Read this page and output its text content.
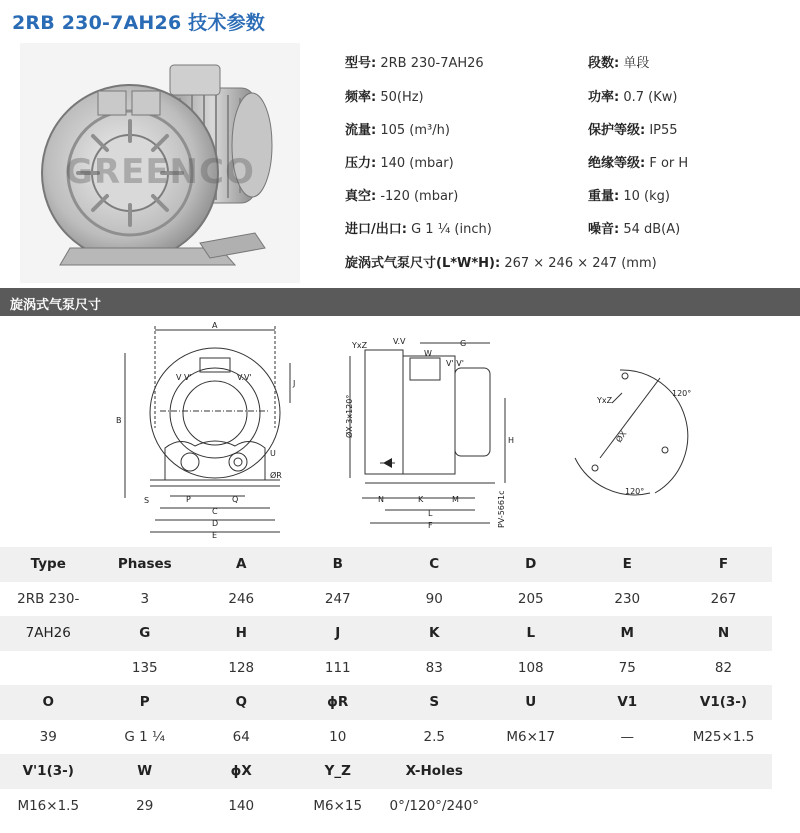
2RB 230-7AH26 技术参数
GREENCO
型号: 2RB 230-7AH26	段数: 单段
频率: 50(Hz)	功率: 0.7 (Kw)
流量: 105 (m³/h)	保护等级: IP55
压力: 140 (mbar)	绝缘等级: F or H
真空: -120 (mbar)	重量: 10 (kg)
进口/出口: G 1 ¼ (inch)	噪音: 54 dB(A)
旋涡式气泵尺寸(L*W*H): 267 × 246 × 247 (mm)
旋涡式气泵尺寸
A
B
J
V V'	V.V'
U
ØR
S	P	Q
C
D
E
YxZ	V.V
W
G
V'.V'
H
N	K	M
L
F
ØX-3x120°
PV-5661c
YxZ
120°
ØX
120°
Type	Phases	A	B	C	D	E	F
2RB 230-	3	246	247	90	205	230	267
7AH26	G	H	J	K	L	M	N
	135	128	111	83	108	75	82
O	P	Q	ϕR	S	U	V1	V1(3-)
39	G 1 ¼	64	10	2.5	M6×17	—	M25×1.5
V'1(3-)	W	ϕX	Y_Z	X-Holes			
M16×1.5	29	140	M6×15	0°/120°/240°			
